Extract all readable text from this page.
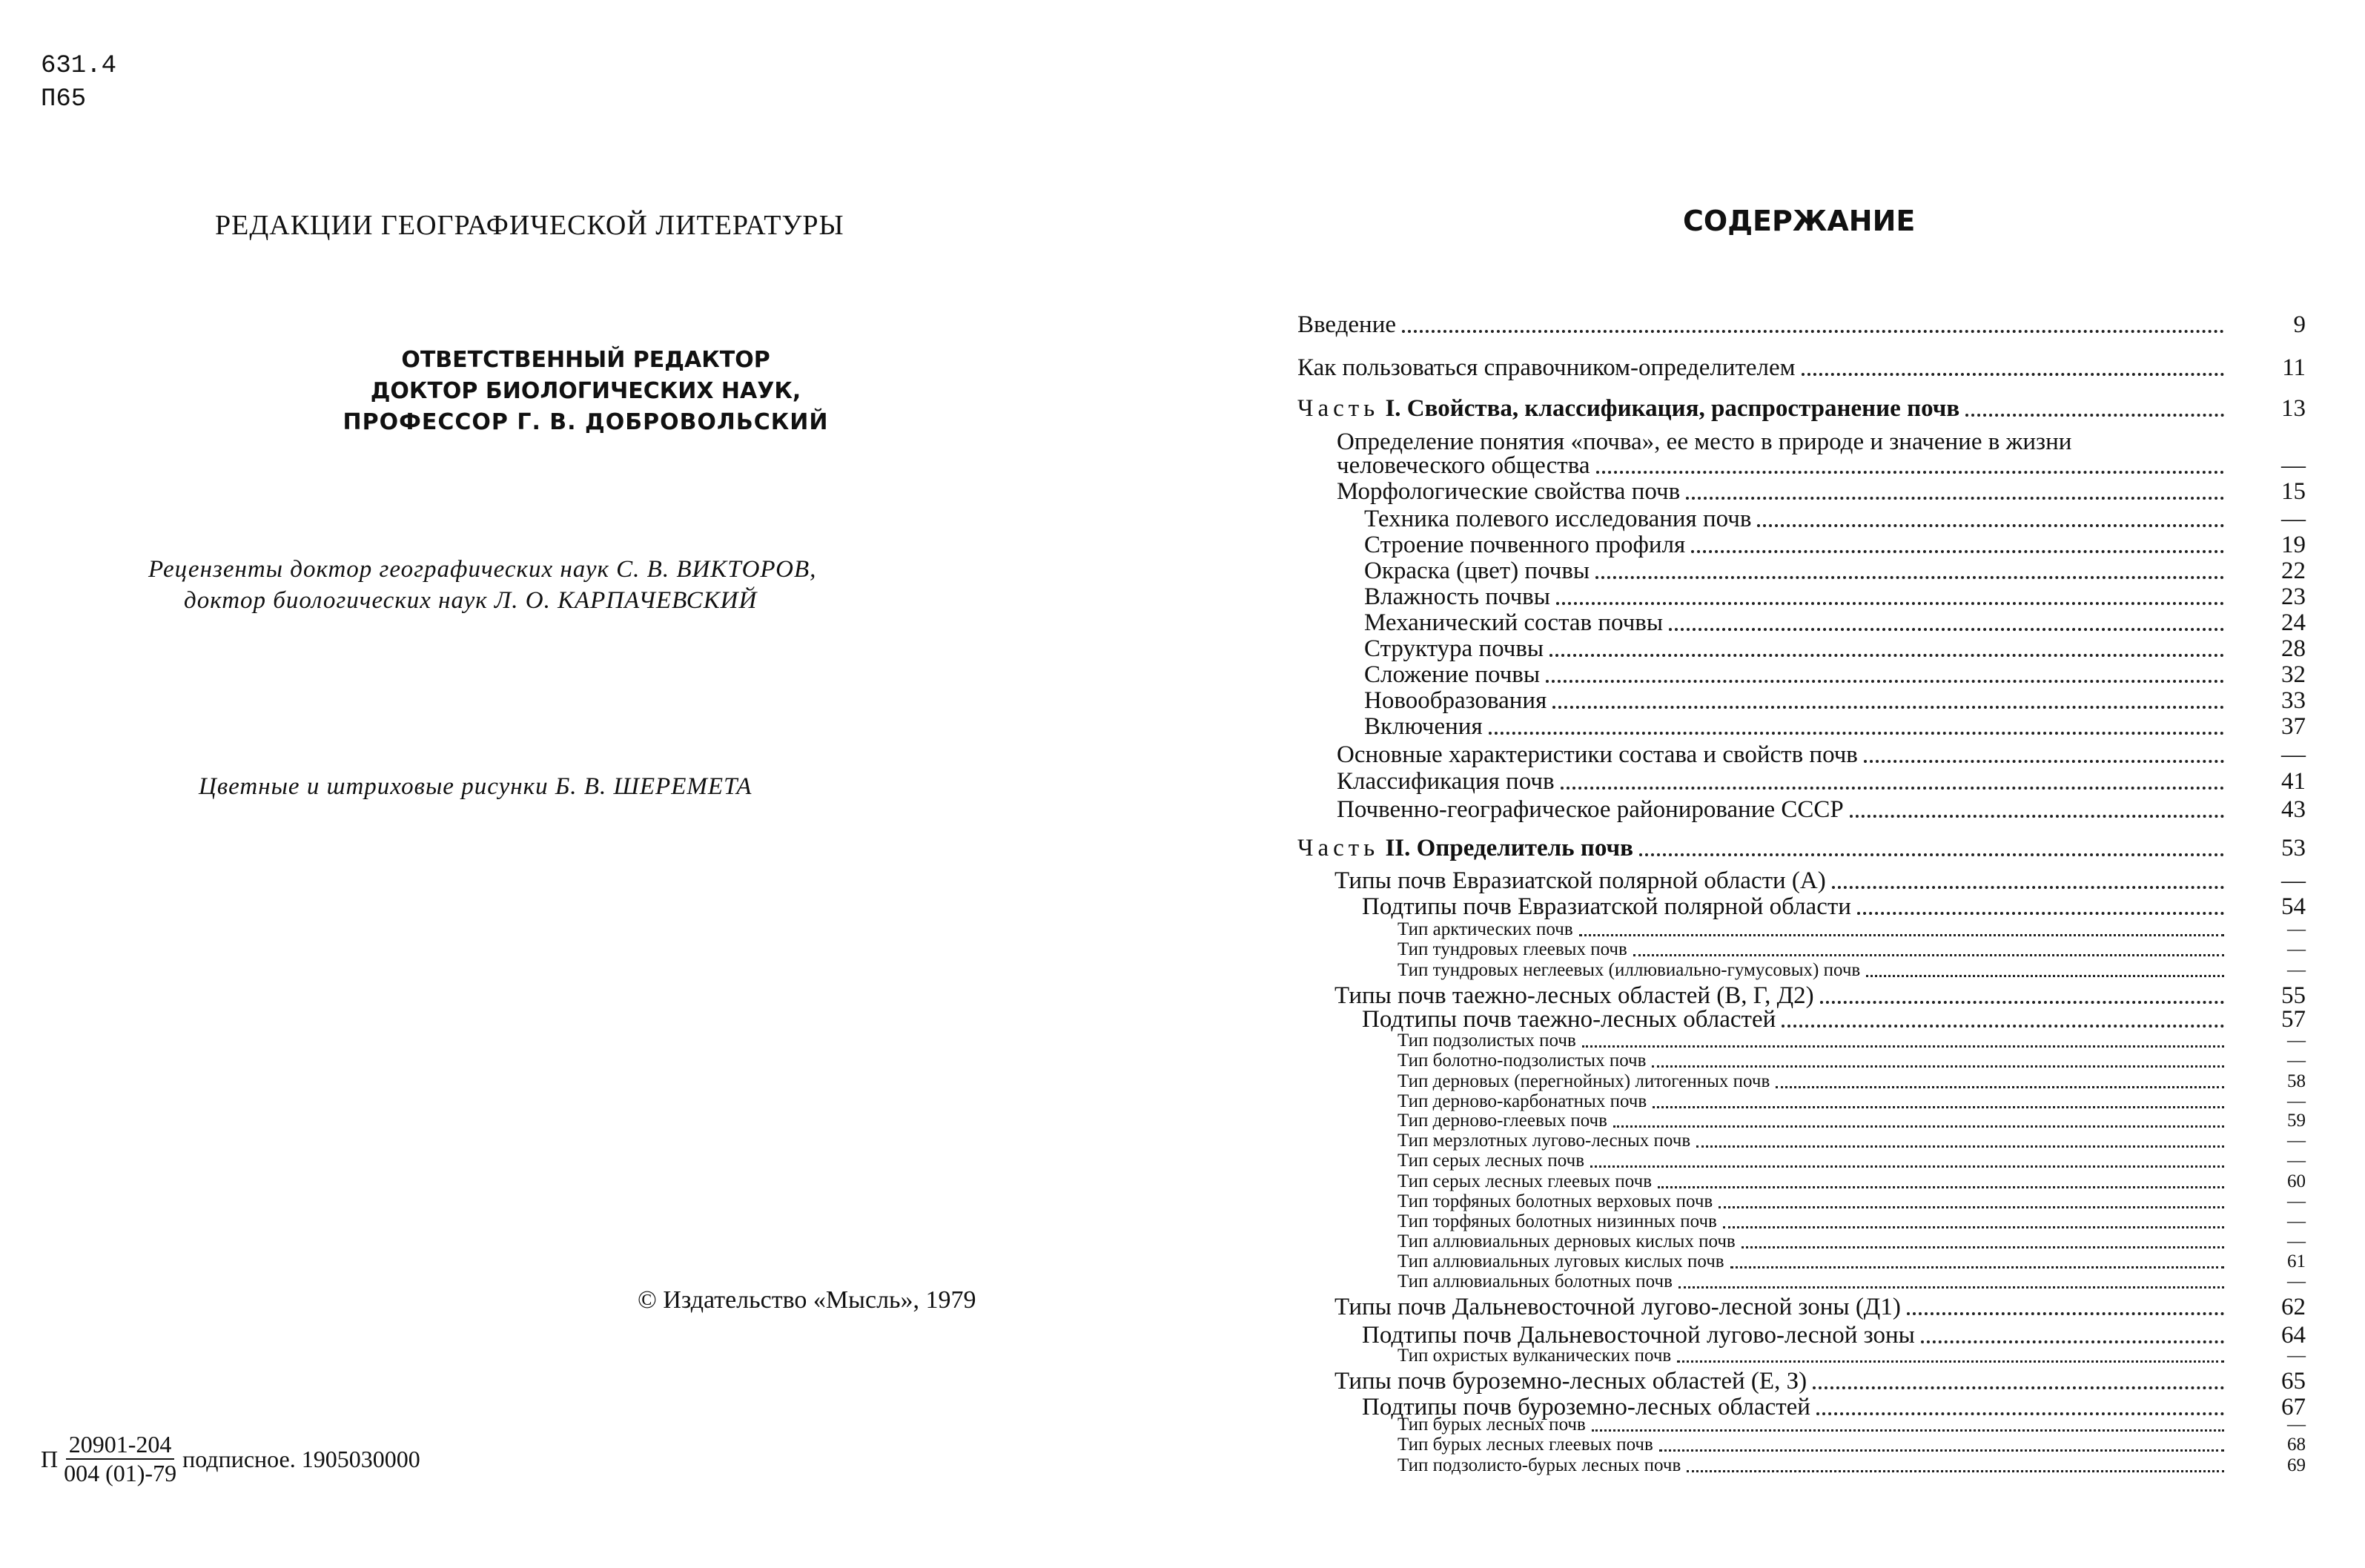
631.4
П65
РЕДАКЦИИ ГЕОГРАФИЧЕСКОЙ ЛИТЕРАТУРЫ
ОТВЕТСТВЕННЫЙ РЕДАКТОР
ДОКТОР БИОЛОГИЧЕСКИХ НАУК,
ПРОФЕССОР Г. В. ДОБРОВОЛЬСКИЙ
Рецензенты доктор географических наук С. В. ВИКТОРОВ,
доктор биологических наук Л. О. КАРПАЧЕВСКИЙ
Цветные и штриховые рисунки Б. В. ШЕРЕМЕТА
© Издательство «Мысль», 1979
П $\frac{20901-204}{004 (01)-79}$ подписное. 1905030000
СОДЕРЖАНИЕ
Введение	9
Как пользоваться справочником-определителем	11
Часть I. Свойства, классификация, распространение почв	13
Определение понятия «почва», ее место в природе и значение в жизни
человеческого общества	—
Морфологические свойства почв	15
Техника полевого исследования почв	—
Строение почвенного профиля	19
Окраска (цвет) почвы	22
Влажность почвы	23
Механический состав почвы	24
Структура почвы	28
Сложение почвы	32
Новообразования	33
Включения	37
Основные характеристики состава и свойств почв	—
Классификация почв	41
Почвенно-географическое районирование СССР	43
Часть II. Определитель почв	53
Типы почв Евразиатской полярной области (А)	—
Подтипы почв Евразиатской полярной области	54
Тип арктических почв	—
Тип тундровых глеевых почв	—
Тип тундровых неглеевых (иллювиально-гумусовых) почв	—
Типы почв таежно-лесных областей (В, Г, Д2)	55
Подтипы почв таежно-лесных областей	57
Тип подзолистых почв	—
Тип болотно-подзолистых почв	—
Тип дерновых (перегнойных) литогенных почв	58
Тип дерново-карбонатных почв	—
Тип дерново-глеевых почв	59
Тип мерзлотных лугово-лесных почв	—
Тип серых лесных почв	—
Тип серых лесных глеевых почв	60
Тип торфяных болотных верховых почв	—
Тип торфяных болотных низинных почв	—
Тип аллювиальных дерновых кислых почв	—
Тип аллювиальных луговых кислых почв	61
Тип аллювиальных болотных почв	—
Типы почв Дальневосточной лугово-лесной зоны (Д1)	62
Подтипы почв Дальневосточной лугово-лесной зоны	64
Тип охристых вулканических почв	—
Типы почв буроземно-лесных областей (Е, З)	65
Подтипы почв буроземно-лесных областей	67
Тип бурых лесных почв	—
Тип бурых лесных глеевых почв	68
Тип подзолисто-бурых лесных почв	69
